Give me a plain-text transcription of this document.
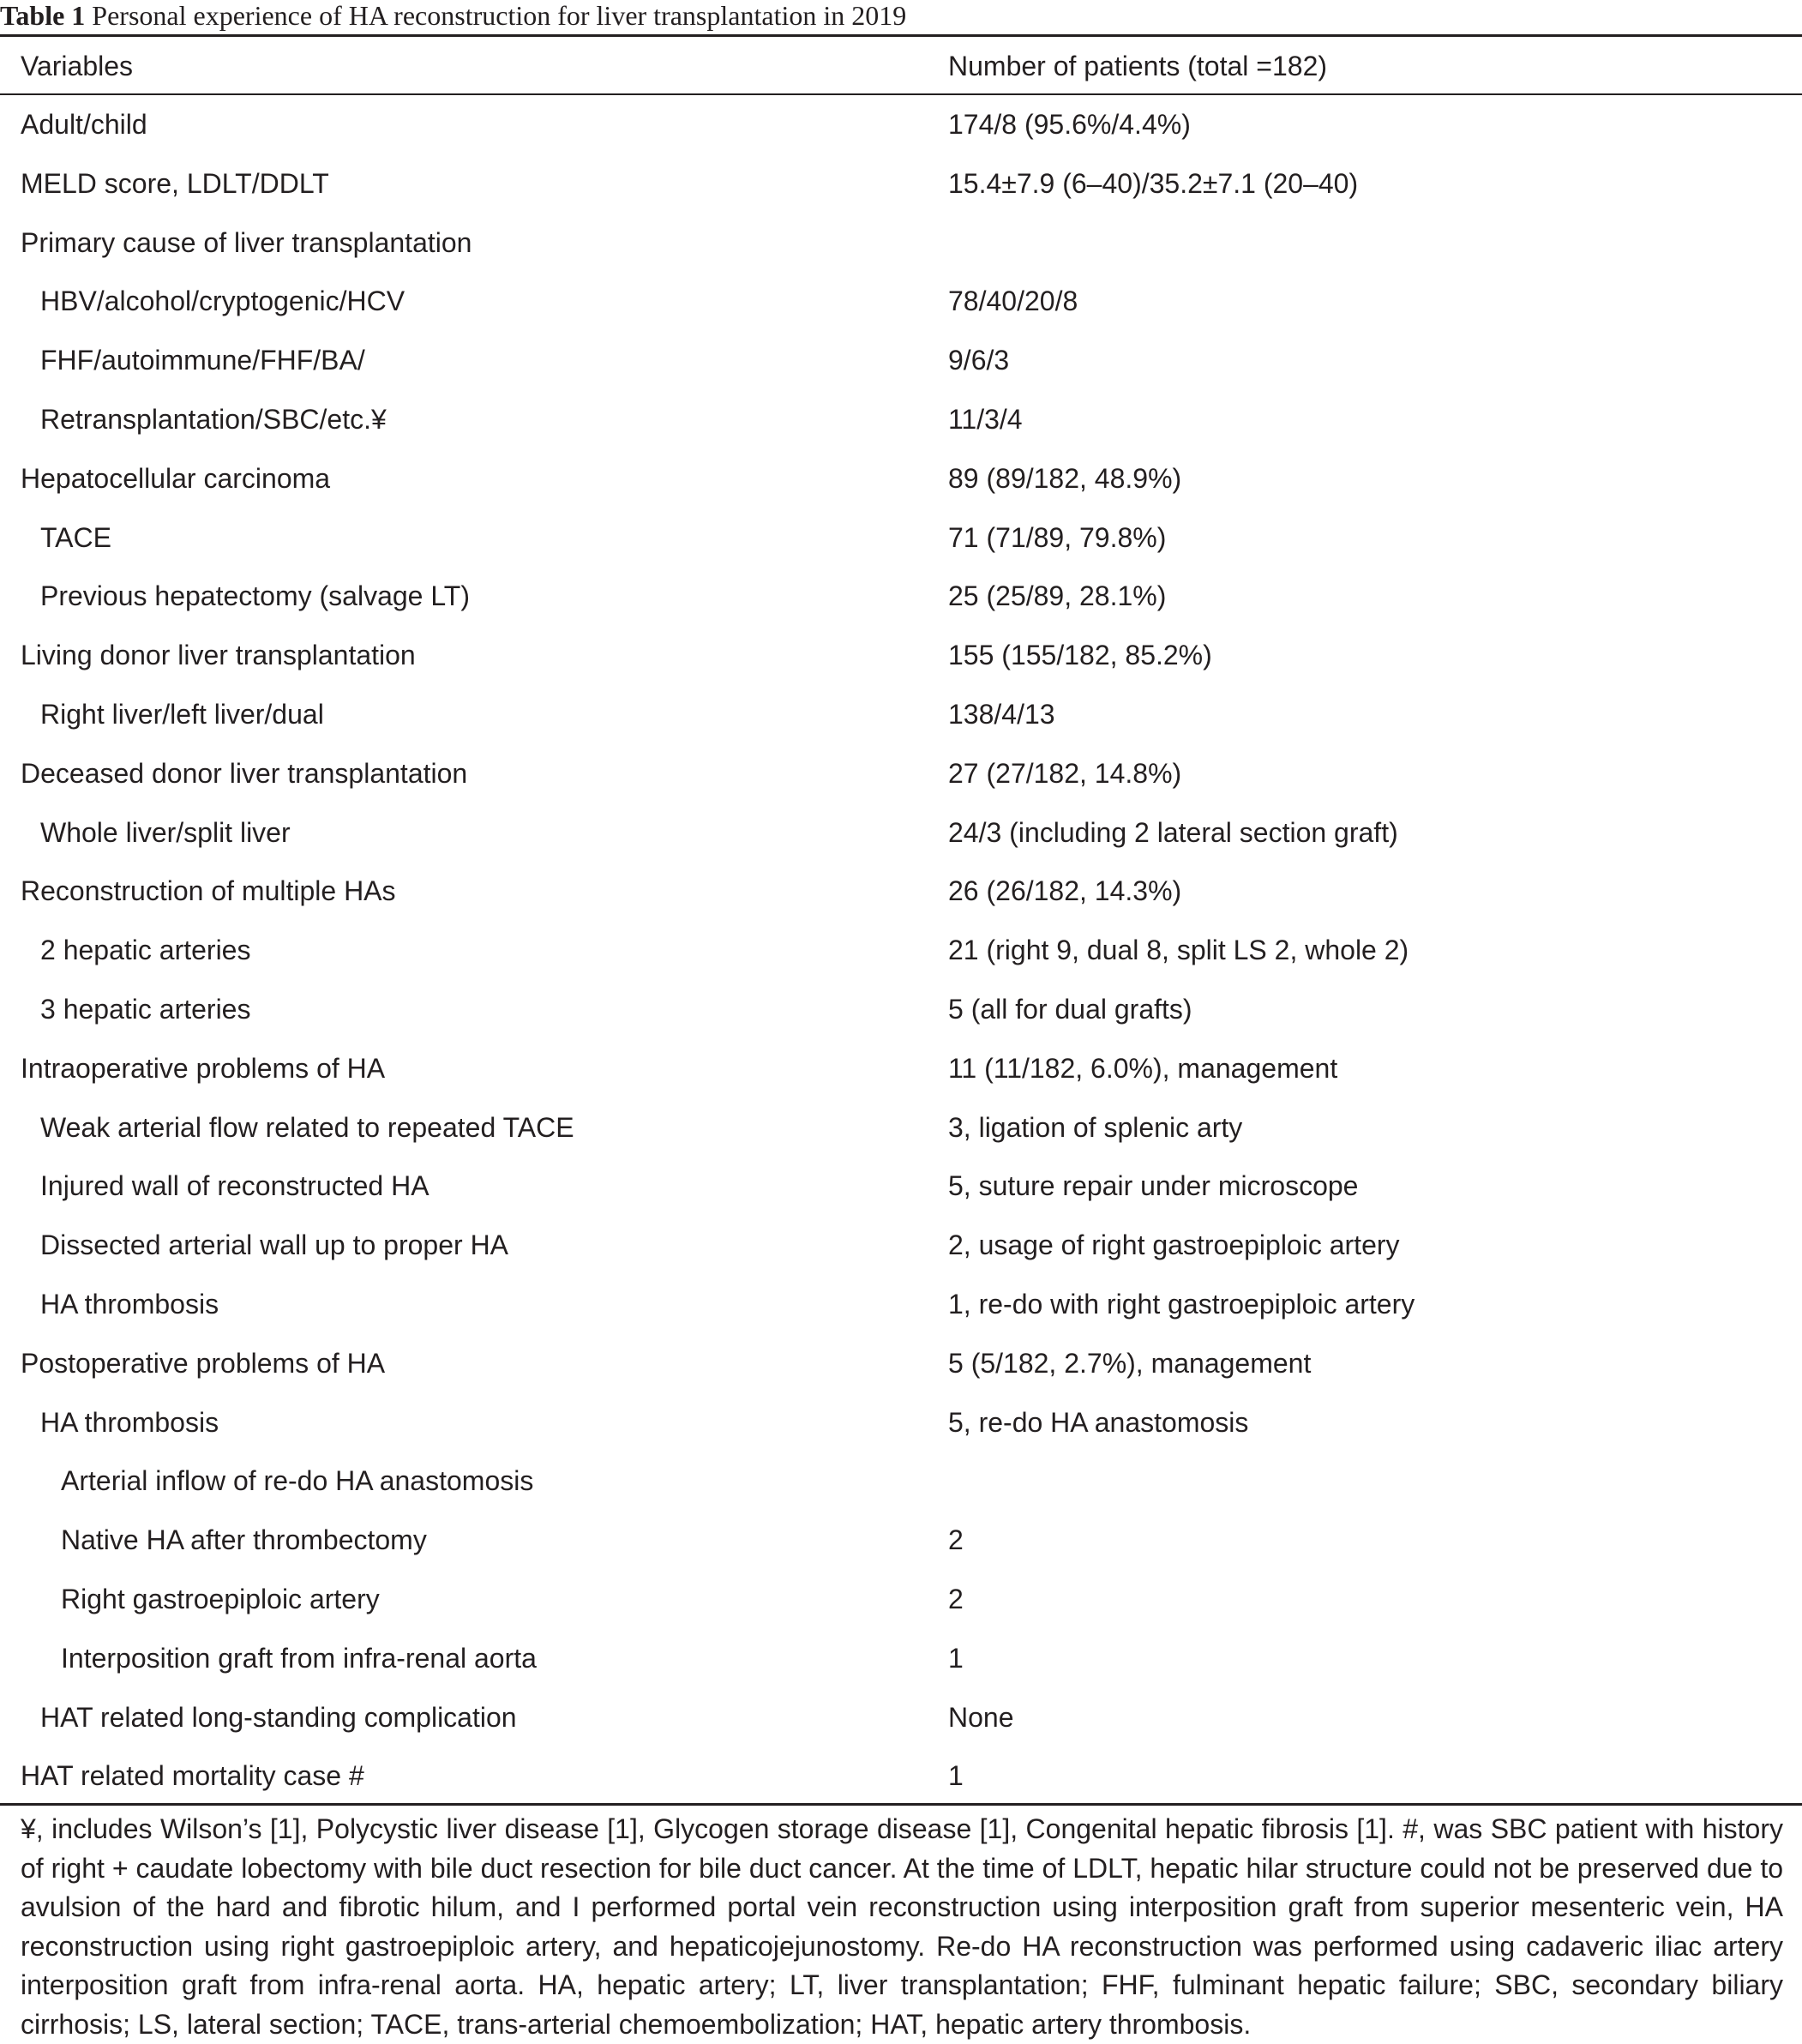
Table 1 Personal experience of HA reconstruction for liver transplantation in 2019
Variables	Number of patients (total =182)
Adult/child	174/8 (95.6%/4.4%)
MELD score, LDLT/DDLT	15.4±7.9 (6–40)/35.2±7.1 (20–40)
Primary cause of liver transplantation
HBV/alcohol/cryptogenic/HCV	78/40/20/8
FHF/autoimmune/FHF/BA/	9/6/3
Retransplantation/SBC/etc.¥	11/3/4
Hepatocellular carcinoma	89 (89/182, 48.9%)
TACE	71 (71/89, 79.8%)
Previous hepatectomy (salvage LT)	25 (25/89, 28.1%)
Living donor liver transplantation	155 (155/182, 85.2%)
Right liver/left liver/dual	138/4/13
Deceased donor liver transplantation	27 (27/182, 14.8%)
Whole liver/split liver	24/3 (including 2 lateral section graft)
Reconstruction of multiple HAs	26 (26/182, 14.3%)
2 hepatic arteries	21 (right 9, dual 8, split LS 2, whole 2)
3 hepatic arteries	5 (all for dual grafts)
Intraoperative problems of HA	11 (11/182, 6.0%), management
Weak arterial flow related to repeated TACE	3, ligation of splenic arty
Injured wall of reconstructed HA	5, suture repair under microscope
Dissected arterial wall up to proper HA	2, usage of right gastroepiploic artery
HA thrombosis	1, re-do with right gastroepiploic artery
Postoperative problems of HA	5 (5/182, 2.7%), management
HA thrombosis	5, re-do HA anastomosis
Arterial inflow of re-do HA anastomosis
Native HA after thrombectomy	2
Right gastroepiploic artery	2
Interposition graft from infra-renal aorta	1
HAT related long-standing complication	None
HAT related mortality case #	1
¥, includes Wilson’s [1], Polycystic liver disease [1], Glycogen storage disease [1], Congenital hepatic fibrosis [1]. #, was SBC patient with history of right + caudate lobectomy with bile duct resection for bile duct cancer. At the time of LDLT, hepatic hilar structure could not be preserved due to avulsion of the hard and fibrotic hilum, and I performed portal vein reconstruction using interposition graft from superior mesenteric vein, HA reconstruction using right gastroepiploic artery, and hepaticojejunostomy. Re-do HA reconstruction was performed using cadaveric iliac artery interposition graft from infra-renal aorta. HA, hepatic artery; LT, liver transplantation; FHF, fulminant hepatic failure; SBC, secondary biliary cirrhosis; LS, lateral section; TACE, trans-arterial chemoembolization; HAT, hepatic artery thrombosis.
